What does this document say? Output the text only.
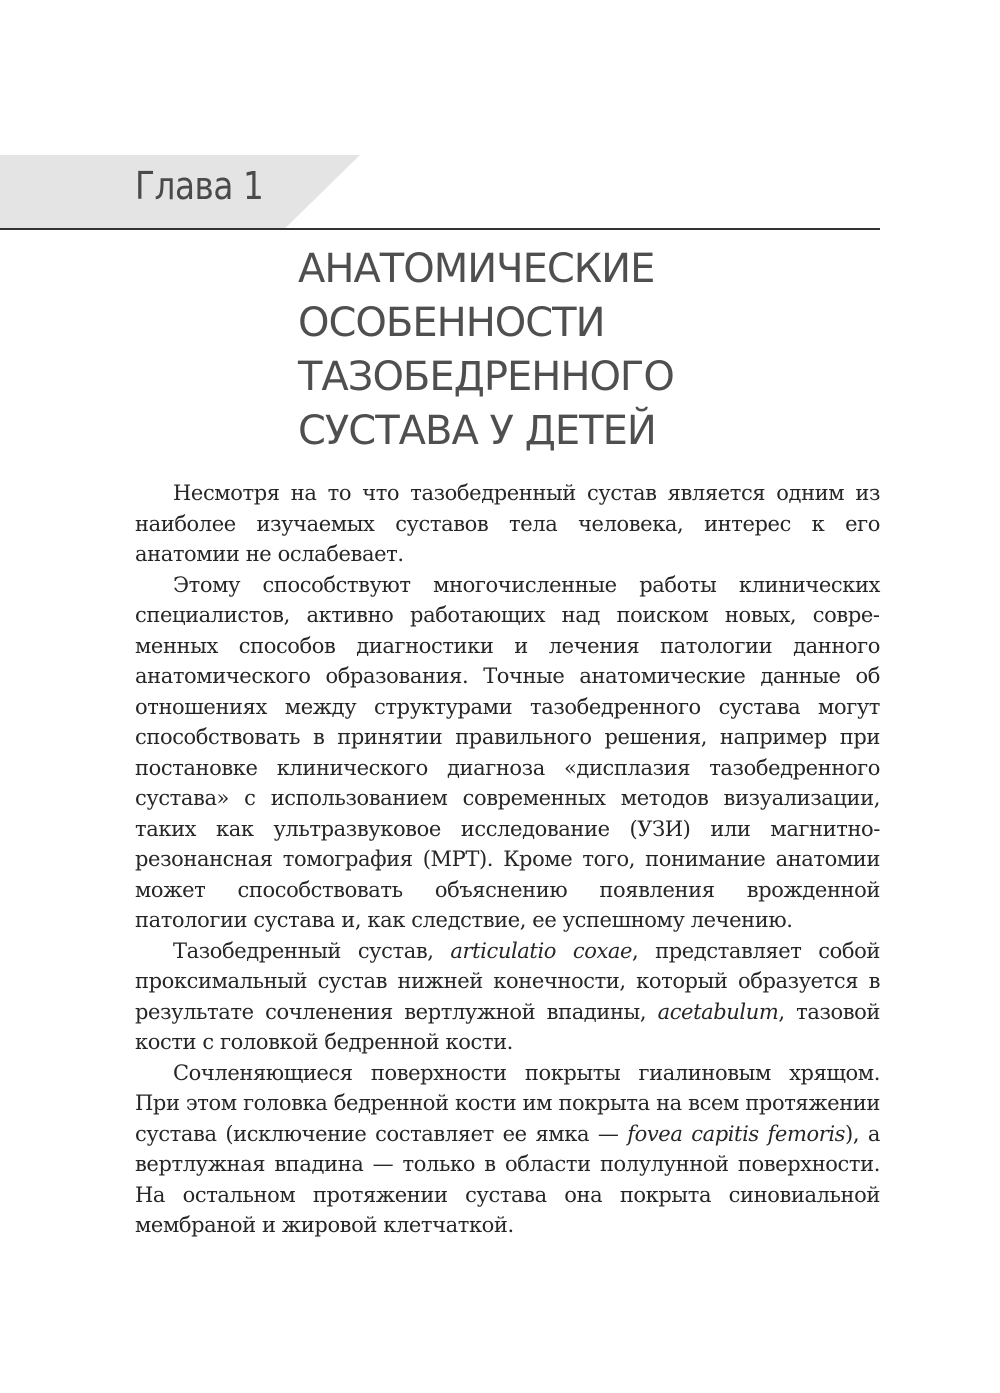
Глава 1
АНАТОМИЧЕСКИЕ
ОСОБЕННОСТИ
ТАЗОБЕДРЕННОГО
СУСТАВА У ДЕТЕЙ

Несмотря на то что тазобедренный сустав является одним из наиболее изучаемых суставов тела человека, интерес к его анатомии не ослабевает.

Этому способствуют многочисленные работы клинических специалистов, активно работающих над поиском новых, современных способов диагностики и лечения патологии данного анатомического образования. Точные анатомические данные об отношениях между структурами тазобедренного сустава могут способствовать в принятии правильного решения, например при постановке клинического диагноза «дисплазия тазобедренного сустава» с использованием современных методов визуализации, таких как ультразвуковое исследование (УЗИ) или магнитно-резонансная томография (МРТ). Кроме того, понимание анатомии может способствовать объяснению появления врожденной патологии сустава и, как следствие, ее успешному лечению.

Тазобедренный сустав, articulatio coxae, представляет собой проксимальный сустав нижней конечности, который образуется в результате сочленения вертлужной впадины, acetabulum, тазовой кости с головкой бедренной кости.

Сочленяющиеся поверхности покрыты гиалиновым хрящом. При этом головка бедренной кости им покрыта на всем протяжении сустава (исключение составляет ее ямка — fovea capitis femoris), а вертлужная впадина — только в области полулунной поверхности. На остальном протяжении сустава она покрыта синовиальной мембраной и жировой клетчаткой.
